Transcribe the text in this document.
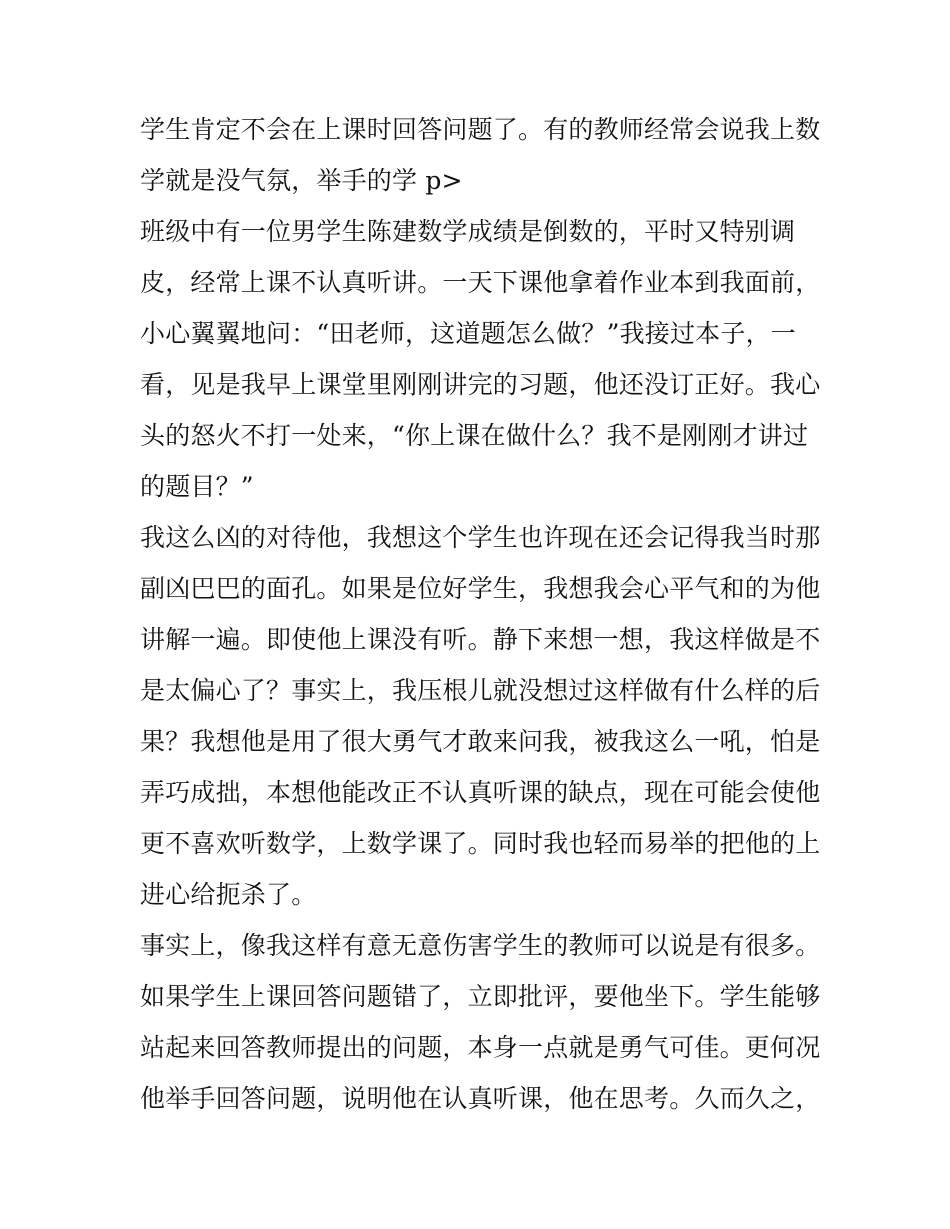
学生肯定不会在上课时回答问题了。有的教师经常会说我上数
学就是没气氛，举手的学 p>
班级中有一位男学生陈建数学成绩是倒数的，平时又特别调
皮，经常上课不认真听讲。一天下课他拿着作业本到我面前，
小心翼翼地问：“田老师，这道题怎么做？”我接过本子，一
看，见是我早上课堂里刚刚讲完的习题，他还没订正好。我心
头的怒火不打一处来，“你上课在做什么？我不是刚刚才讲过
的题目？”
我这么凶的对待他，我想这个学生也许现在还会记得我当时那
副凶巴巴的面孔。如果是位好学生，我想我会心平气和的为他
讲解一遍。即使他上课没有听。静下来想一想，我这样做是不
是太偏心了？事实上，我压根儿就没想过这样做有什么样的后
果？我想他是用了很大勇气才敢来问我，被我这么一吼，怕是
弄巧成拙，本想他能改正不认真听课的缺点，现在可能会使他
更不喜欢听数学，上数学课了。同时我也轻而易举的把他的上
进心给扼杀了。
事实上，像我这样有意无意伤害学生的教师可以说是有很多。
如果学生上课回答问题错了，立即批评，要他坐下。学生能够
站起来回答教师提出的问题，本身一点就是勇气可佳。更何况
他举手回答问题，说明他在认真听课，他在思考。久而久之，
